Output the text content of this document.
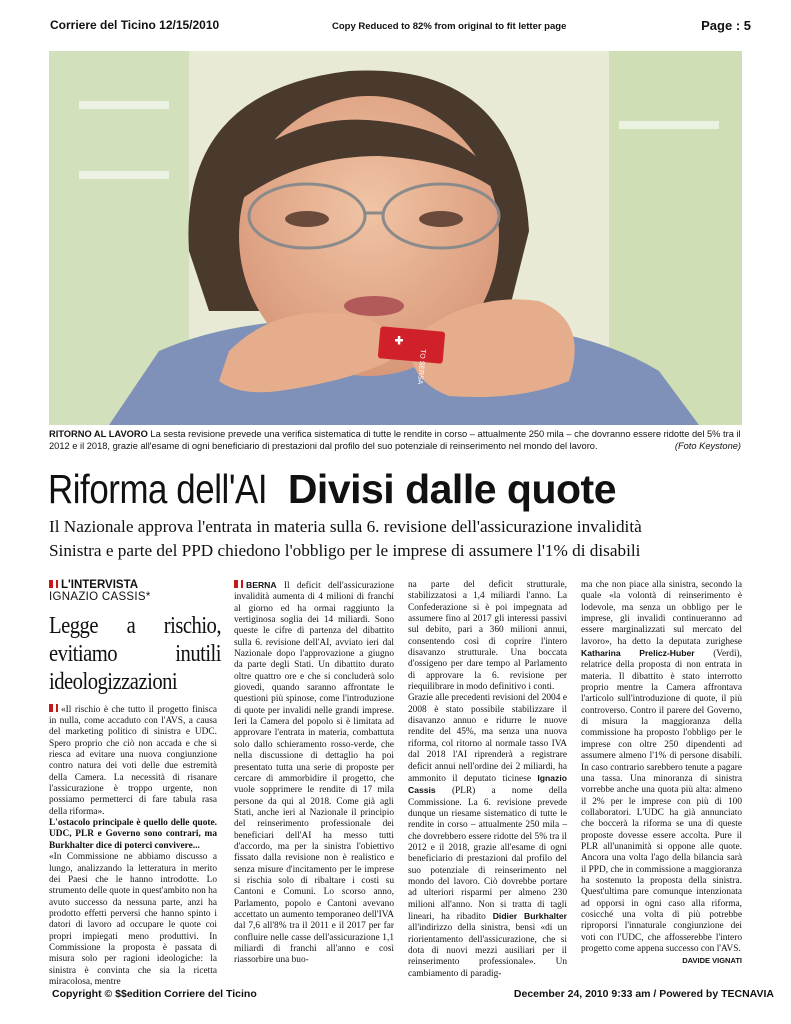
Corriere del Ticino 12/15/2010	Copy Reduced to 82% from original to fit letter page	Page : 5
TO SERSA
RITORNO AL LAVORO La sesta revisione prevede una verifica sistematica di tutte le rendite in corso – attualmente 250 mila – che dovranno essere ridotte del 5% tra il 2012 e il 2018, grazie all'esame di ogni beneficiario di prestazioni dal profilo del suo potenziale di reinserimento nel mondo del lavoro.	(Foto Keystone)
Riforma dell'AI Divisi dalle quote
Il Nazionale approva l'entrata in materia sulla 6. revisione dell'assicurazione invalidità
Sinistra e parte del PPD chiedono l'obbligo per le imprese di assumere l'1% di disabili
L'INTERVISTA
IGNAZIO CASSIS*
Legge a rischio, evitiamo inutili ideologizzazioni

«Il rischio è che tutto il progetto finisca in nulla, come accaduto con l'AVS, a causa del marketing politico di sinistra e UDC. Spero proprio che ciò non accada e che si riesca ad evitare una nuova congiunzione contro natura dei voti delle due estremità della Camera. La necessità di risanare l'assicurazione è troppo urgente, non possiamo permetterci di fare tabula rasa della riforma».

L'ostacolo principale è quello delle quote. UDC, PLR e Governo sono contrari, ma Burkhalter dice di poterci convivere...

«In Commissione ne abbiamo discusso a lungo, analizzando la letteratura in merito dei Paesi che le hanno introdotte. Lo strumento delle quote in quest'ambito non ha avuto successo da nessuna parte, anzi ha prodotto effetti perversi che hanno spinto i datori di lavoro ad occupare le quote coi propri impiegati meno produttivi. In Commissione la proposta è passata di misura solo per ragioni ideologiche: la sinistra è convinta che sia la ricetta miracolosa, mentre

BERNA Il deficit dell'assicurazione invalidità aumenta di 4 milioni di franchi al giorno ed ha ormai raggiunto la vertiginosa soglia dei 14 miliardi. Sono queste le cifre di partenza del dibattito sulla 6. revisione dell'AI, avviato ieri dal Nazionale dopo l'approvazione a giugno da parte degli Stati. Un dibattito durato oltre quattro ore e che si concluderà solo giovedì, quando saranno affrontate le questioni più spinose, come l'introduzione di quote per invalidi nelle grandi imprese. Ieri la Camera del popolo si è limitata ad approvare l'entrata in materia, combattuta solo dallo schieramento rosso-verde, che nella discussione di dettaglio ha poi presentato tutta una serie di proposte per cercare di ammorbidire il progetto, che vuole sopprimere le rendite di 17 mila persone da qui al 2018. Come già agli Stati, anche ieri al Nazionale il principio del reinserimento professionale dei beneficiari dell'AI ha messo tutti d'accordo, ma per la sinistra l'obiettivo fissato dalla revisione non è realistico e senza misure d'incitamento per le imprese si rischia solo di ribaltare i costi su Cantoni e Comuni. Lo scorso anno, Parlamento, popolo e Cantoni avevano accettato un aumento temporaneo dell'IVA dal 7,6 all'8% tra il 2011 e il 2017 per far confluire nelle casse dell'assicurazione 1,1 miliardi di franchi all'anno e così riassorbire una buo-

na parte del deficit strutturale, stabilizzatosi a 1,4 miliardi l'anno. La Confederazione si è poi impegnata ad assumere fino al 2017 gli interessi passivi sul debito, pari a 360 milioni annui, consentendo così di coprire l'intero disavanzo strutturale. Una boccata d'ossigeno per dare tempo al Parlamento di approvare la 6. revisione per riequilibrare in modo definitivo i conti.

Grazie alle precedenti revisioni del 2004 e 2008 è stato possibile stabilizzare il disavanzo annuo e ridurre le nuove rendite del 45%, ma senza una nuova riforma, col ritorno al normale tasso IVA dal 2018 l'AI riprenderà a registrare deficit annui nell'ordine dei 2 miliardi, ha ammonito il deputato ticinese Ignazio Cassis (PLR) a nome della Commissione. La 6. revisione prevede dunque un riesame sistematico di tutte le rendite in corso – attualmente 250 mila – che dovrebbero essere ridotte del 5% tra il 2012 e il 2018, grazie all'esame di ogni beneficiario di prestazioni dal profilo del suo potenziale di reinserimento nel mondo del lavoro. Ciò dovrebbe portare ad ulteriori risparmi per almeno 230 milioni all'anno. Non si tratta di tagli lineari, ha ribadito Didier Burkhalter all'indirizzo della sinistra, bensì «di un riorientamento dell'assicurazione, che si dota di nuovi mezzi ausiliari per il reinserimento professionale». Un cambiamento di paradig-

ma che non piace alla sinistra, secondo la quale «la volontà di reinserimento è lodevole, ma senza un obbligo per le imprese, gli invalidi continueranno ad essere marginalizzati sul mercato del lavoro», ha detto la deputata zurighese Katharina Prelicz-Huber (Verdi), relatrice della proposta di non entrata in materia. Il dibattito è stato interrotto proprio mentre la Camera affrontava l'articolo sull'introduzione di quote, il più controverso. Contro il parere del Governo, di misura la maggioranza della commissione ha proposto l'obbligo per le imprese con oltre 250 dipendenti ad assumere almeno l'1% di persone disabili. In caso contrario sarebbero tenute a pagare una tassa. Una minoranza di sinistra vorrebbe anche una quota più alta: almeno il 2% per le imprese con più di 100 collaboratori. L'UDC ha già annunciato che boccerà la riforma se una di queste proposte dovesse essere accolta. Pure il PLR all'unanimità si oppone alle quote. Ancora una volta l'ago della bilancia sarà il PPD, che in commissione a maggioranza ha sostenuto la proposta della sinistra. Quest'ultima pare comunque intenzionata ad opporsi in ogni caso alla riforma, cosicché una volta di più potrebbe riproporsi l'innaturale congiunzione dei voti con l'UDC, che affosserebbe l'intero progetto come appena successo con l'AVS.
DAVIDE VIGNATI

Copyright © $$edition Corriere del Ticino	December 24, 2010 9:33 am / Powered by TECNAVIA
